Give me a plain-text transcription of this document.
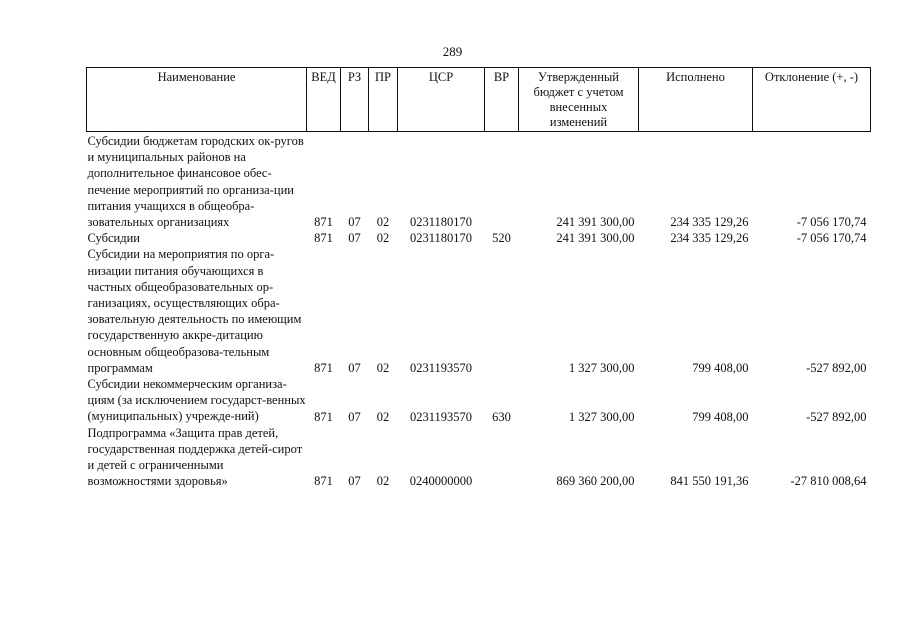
289
Наименование	ВЕД	РЗ	ПР	ЦСР	ВР	Утвержденный бюджет с учетом внесенных изменений	Исполнено	Отклонение (+, -)
Субсидии бюджетам городских ок-ругов и муниципальных районов на дополнительное финансовое обес-печение мероприятий по организа-ции питания учащихся в общеобра-зовательных организациях	871	07	02	0231180170		241 391 300,00	234 335 129,26	-7 056 170,74
Субсидии	871	07	02	0231180170	520	241 391 300,00	234 335 129,26	-7 056 170,74
Субсидии на мероприятия по орга-низации питания обучающихся в частных общеобразовательных ор-ганизациях, осуществляющих обра-зовательную деятельность по имеющим государственную аккре-дитацию основным общеобразова-тельным программам	871	07	02	0231193570		1 327 300,00	799 408,00	-527 892,00
Субсидии некоммерческим организа-циям (за исключением государст-венных (муниципальных) учрежде-ний)	871	07	02	0231193570	630	1 327 300,00	799 408,00	-527 892,00
Подпрограмма «Защита прав детей, государственная поддержка детей-сирот и детей с ограниченными возможностями здоровья»	871	07	02	0240000000		869 360 200,00	841 550 191,36	-27 810 008,64
